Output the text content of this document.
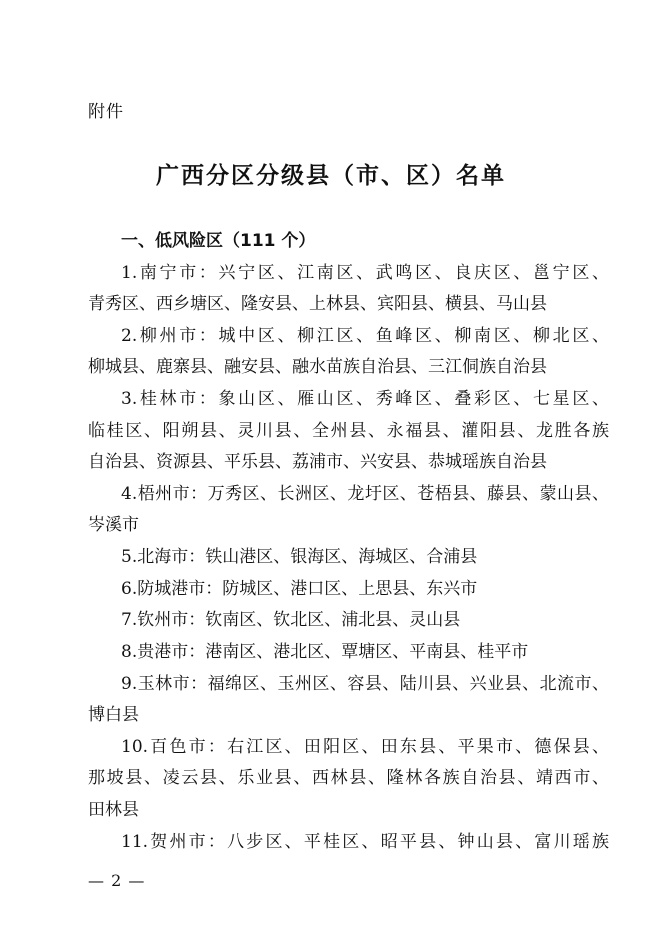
附件
广西分区分级县（市、区）名单
一、低风险区（111 个）
1.南宁市：兴宁区、江南区、武鸣区、良庆区、邕宁区、
青秀区、西乡塘区、隆安县、上林县、宾阳县、横县、马山县
2.柳州市：城中区、柳江区、鱼峰区、柳南区、柳北区、
柳城县、鹿寨县、融安县、融水苗族自治县、三江侗族自治县
3.桂林市：象山区、雁山区、秀峰区、叠彩区、七星区、
临桂区、阳朔县、灵川县、全州县、永福县、灌阳县、龙胜各族
自治县、资源县、平乐县、荔浦市、兴安县、恭城瑶族自治县
4.梧州市：万秀区、长洲区、龙圩区、苍梧县、藤县、蒙山县、
岑溪市
5.北海市：铁山港区、银海区、海城区、合浦县
6.防城港市：防城区、港口区、上思县、东兴市
7.钦州市：钦南区、钦北区、浦北县、灵山县
8.贵港市：港南区、港北区、覃塘区、平南县、桂平市
9.玉林市：福绵区、玉州区、容县、陆川县、兴业县、北流市、
博白县
10.百色市：右江区、田阳区、田东县、平果市、德保县、
那坡县、凌云县、乐业县、西林县、隆林各族自治县、靖西市、
田林县
11.贺州市：八步区、平桂区、昭平县、钟山县、富川瑶族
— 2 —
